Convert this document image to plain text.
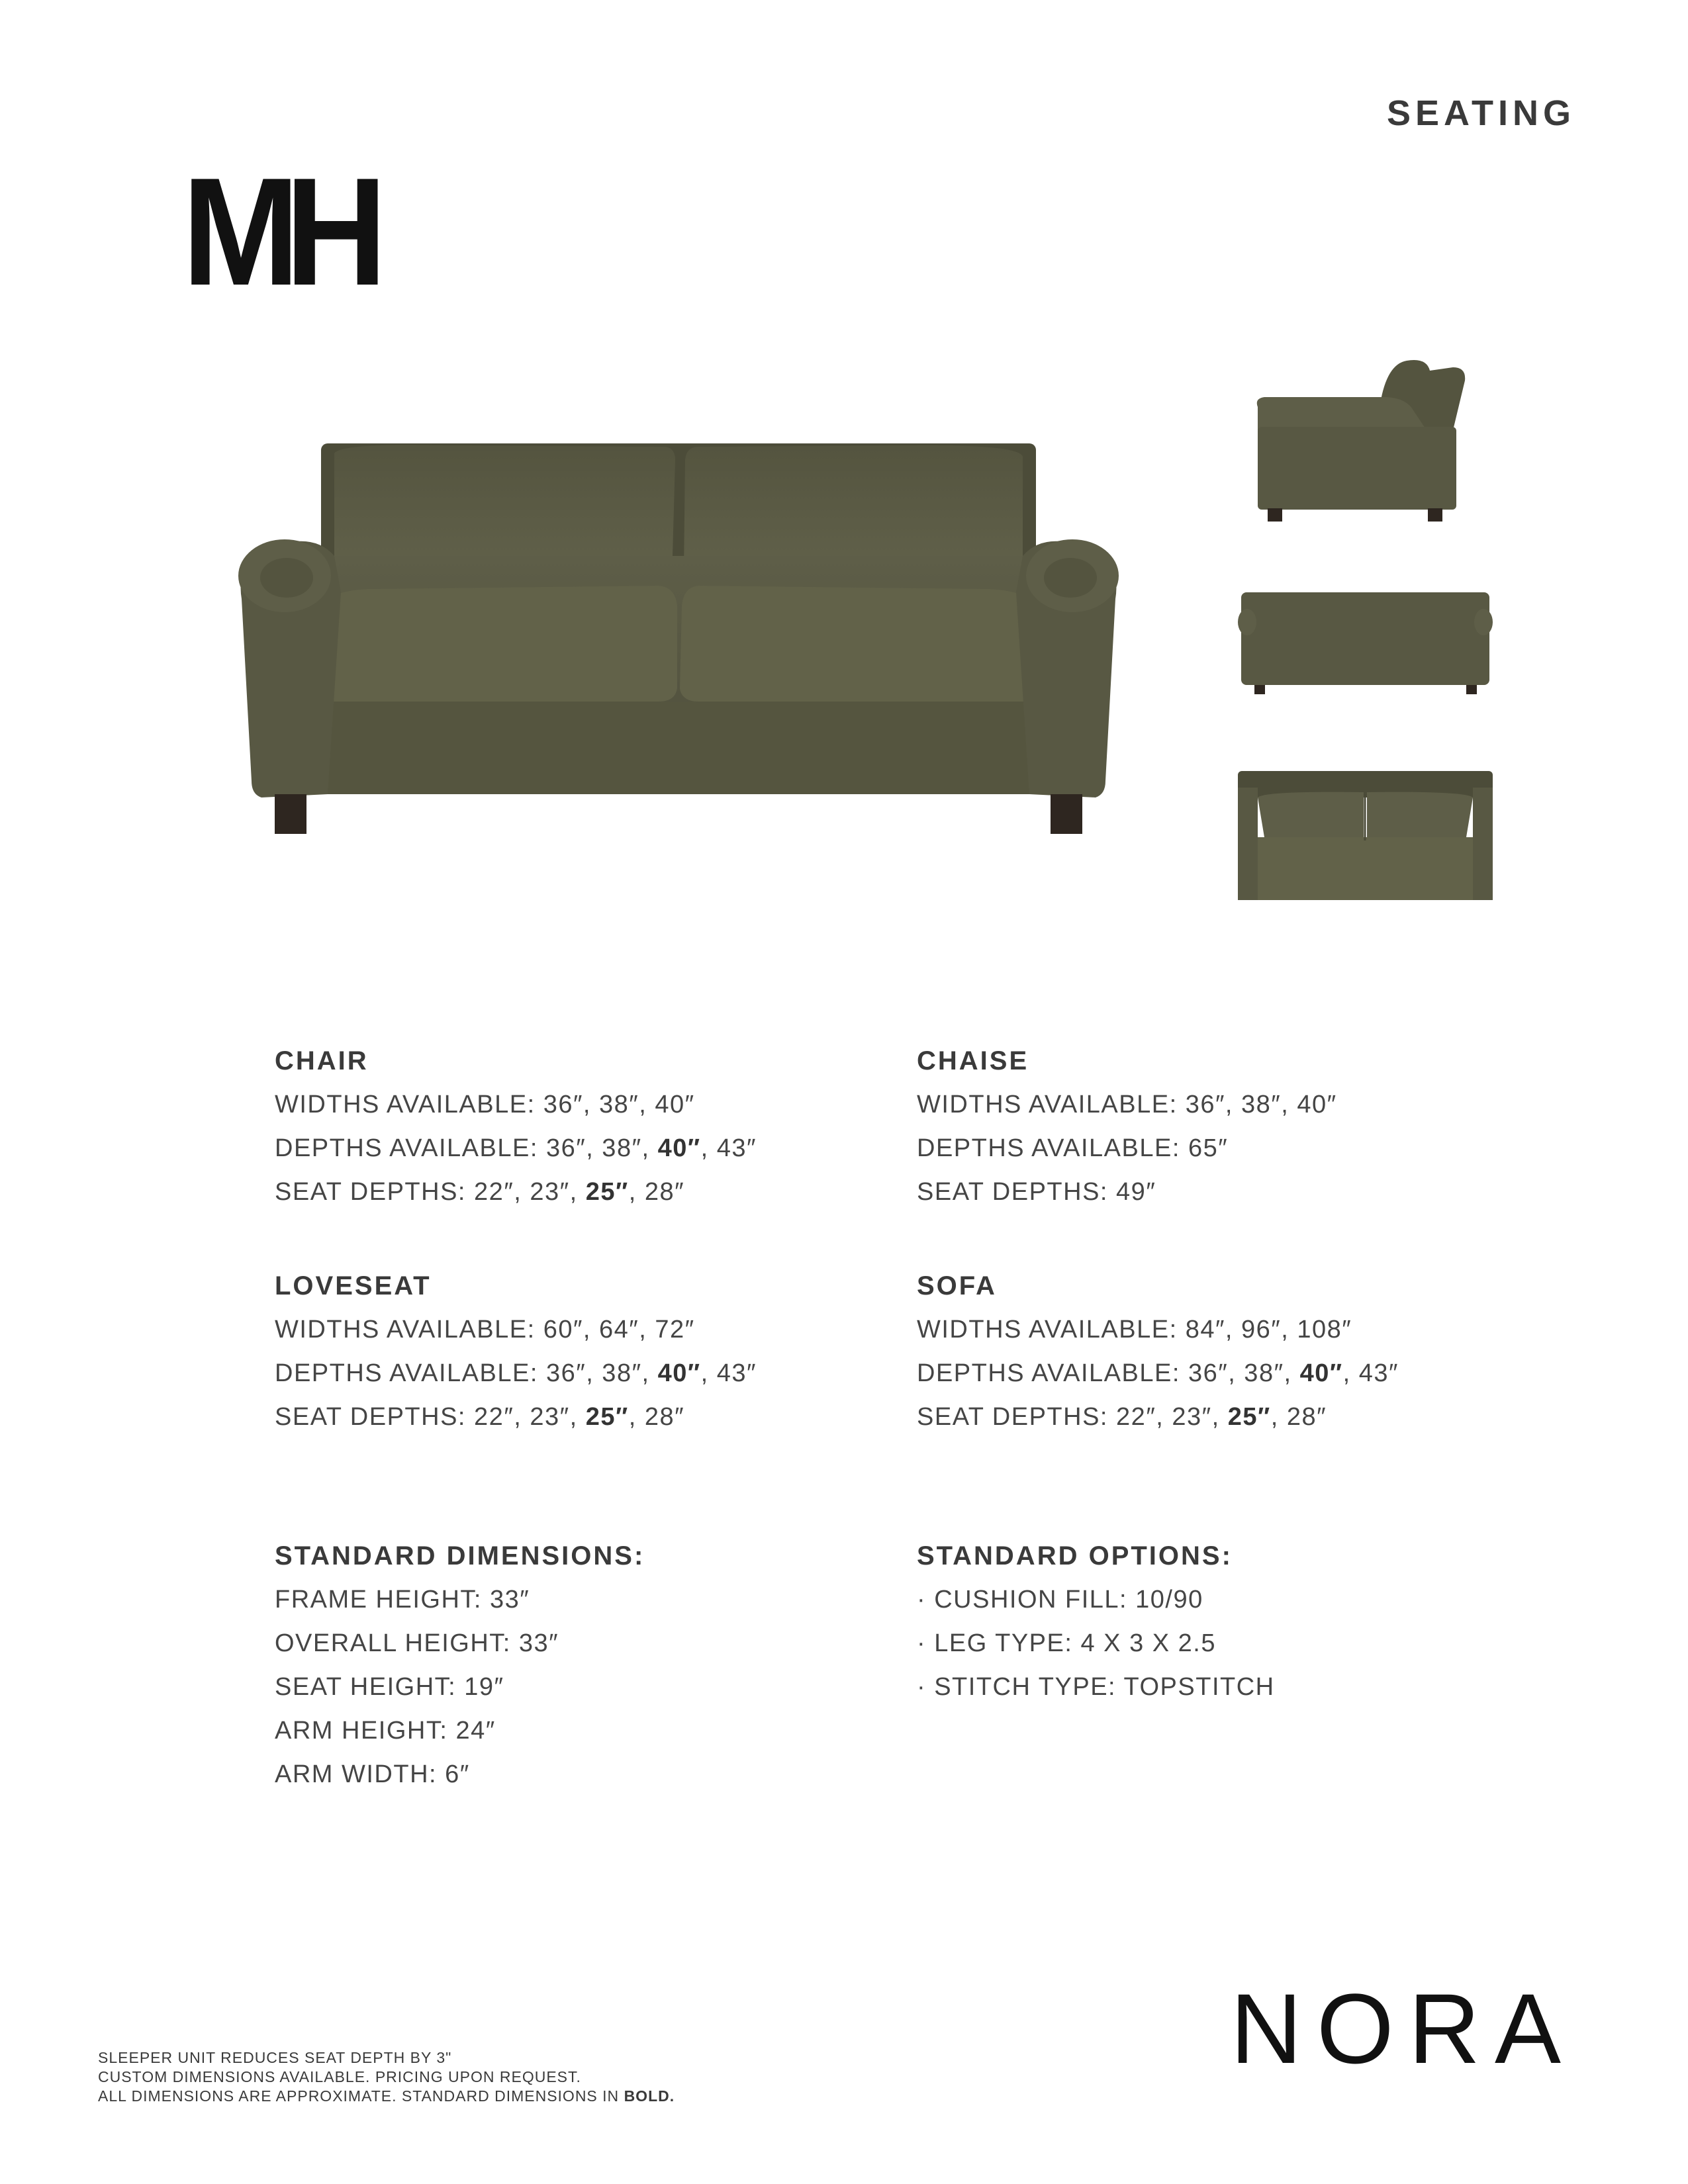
SEATING
MH
CHAIR
WIDTHS AVAILABLE: 36″, 38″, 40″
DEPTHS AVAILABLE: 36″, 38″, 40″, 43″
SEAT DEPTHS: 22″, 23″, 25″, 28″
CHAISE
WIDTHS AVAILABLE: 36″, 38″, 40″
DEPTHS AVAILABLE: 65″
SEAT DEPTHS: 49″
LOVESEAT
WIDTHS AVAILABLE: 60″, 64″, 72″
DEPTHS AVAILABLE: 36″, 38″, 40″, 43″
SEAT DEPTHS: 22″, 23″, 25″, 28″
SOFA
WIDTHS AVAILABLE: 84″, 96″, 108″
DEPTHS AVAILABLE: 36″, 38″, 40″, 43″
SEAT DEPTHS: 22″, 23″, 25″, 28″
STANDARD DIMENSIONS:
FRAME HEIGHT: 33″
OVERALL HEIGHT: 33″
SEAT HEIGHT: 19″
ARM HEIGHT: 24″
ARM WIDTH: 6″
STANDARD OPTIONS:
· CUSHION FILL: 10/90
· LEG TYPE: 4 X 3 X 2.5
· STITCH TYPE: TOPSTITCH
NORA
SLEEPER UNIT REDUCES SEAT DEPTH BY 3"
CUSTOM DIMENSIONS AVAILABLE. PRICING UPON REQUEST.
ALL DIMENSIONS ARE APPROXIMATE. STANDARD DIMENSIONS IN BOLD.
